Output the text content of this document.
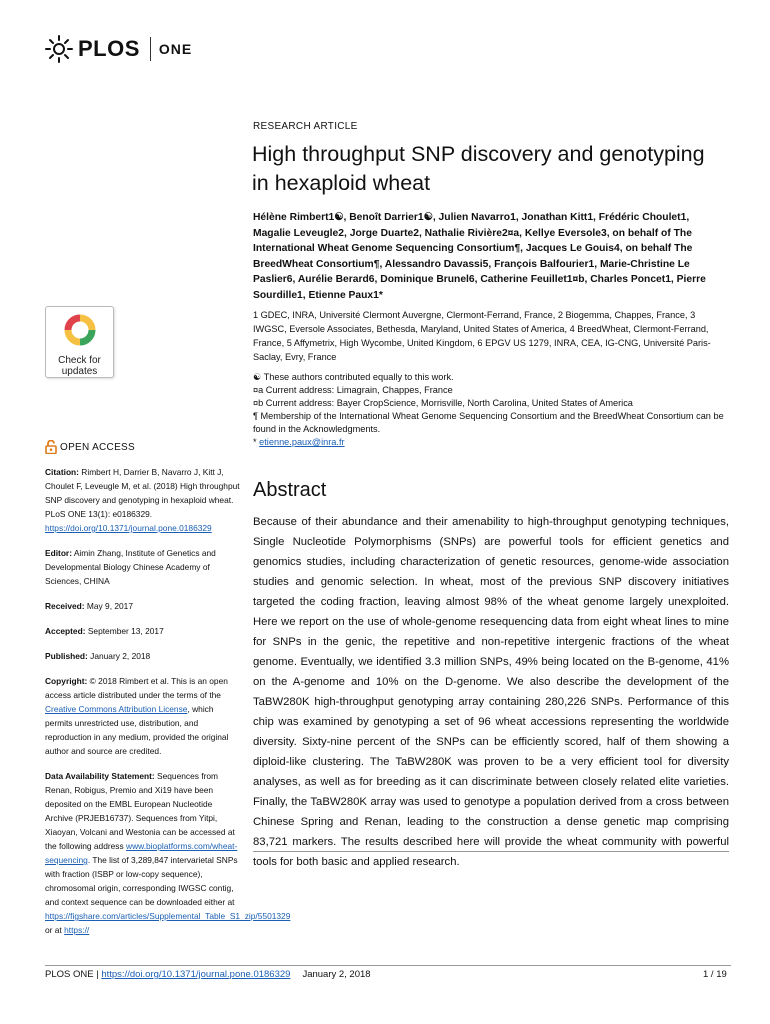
PLOS ONE
RESEARCH ARTICLE
High throughput SNP discovery and genotyping in hexaploid wheat
Hélène Rimbert1☯, Benoît Darrier1☯, Julien Navarro1, Jonathan Kitt1, Frédéric Choulet1, Magalie Leveugle2, Jorge Duarte2, Nathalie Rivière2¤a, Kellye Eversole3, on behalf of The International Wheat Genome Sequencing Consortium¶, Jacques Le Gouis4, on behalf The BreedWheat Consortium¶, Alessandro Davassi5, François Balfourier1, Marie-Christine Le Paslier6, Aurélie Berard6, Dominique Brunel6, Catherine Feuillet1¤b, Charles Poncet1, Pierre Sourdille1, Etienne Paux1*
1 GDEC, INRA, Université Clermont Auvergne, Clermont-Ferrand, France, 2 Biogemma, Chappes, France, 3 IWGSC, Eversole Associates, Bethesda, Maryland, United States of America, 4 BreedWheat, Clermont-Ferrand, France, 5 Affymetrix, High Wycombe, United Kingdom, 6 EPGV US 1279, INRA, CEA, IG-CNG, Université Paris-Saclay, Evry, France
☯ These authors contributed equally to this work.
¤a Current address: Limagrain, Chappes, France
¤b Current address: Bayer CropScience, Morrisville, North Carolina, United States of America
¶ Membership of the International Wheat Genome Sequencing Consortium and the BreedWheat Consortium can be found in the Acknowledgments.
* etienne.paux@inra.fr
Check for
updates
OPEN ACCESS

Citation: Rimbert H, Darrier B, Navarro J, Kitt J, Choulet F, Leveugle M, et al. (2018) High throughput SNP discovery and genotyping in hexaploid wheat. PLoS ONE 13(1): e0186329. https://doi.org/10.1371/journal.pone.0186329

Editor: Aimin Zhang, Institute of Genetics and Developmental Biology Chinese Academy of Sciences, CHINA

Received: May 9, 2017

Accepted: September 13, 2017

Published: January 2, 2018

Copyright: © 2018 Rimbert et al. This is an open access article distributed under the terms of the Creative Commons Attribution License, which permits unrestricted use, distribution, and reproduction in any medium, provided the original author and source are credited.

Data Availability Statement: Sequences from Renan, Robigus, Premio and Xi19 have been deposited on the EMBL European Nucleotide Archive (PRJEB16737). Sequences from Yitpi, Xiaoyan, Volcani and Westonia can be accessed at the following address www.bioplatforms.com/wheat-sequencing. The list of 3,289,847 intervarietal SNPs with fraction (ISBP or low-copy sequence), chromosomal origin, corresponding IWGSC contig, and context sequence can be downloaded either at https://figshare.com/articles/Supplemental_Table_S1_zip/5501329 or at https://

Abstract

Because of their abundance and their amenability to high-throughput genotyping techniques, Single Nucleotide Polymorphisms (SNPs) are powerful tools for efficient genetics and genomics studies, including characterization of genetic resources, genome-wide association studies and genomic selection. In wheat, most of the previous SNP discovery initiatives targeted the coding fraction, leaving almost 98% of the wheat genome largely unexploited. Here we report on the use of whole-genome resequencing data from eight wheat lines to mine for SNPs in the genic, the repetitive and non-repetitive intergenic fractions of the wheat genome. Eventually, we identified 3.3 million SNPs, 49% being located on the B-genome, 41% on the A-genome and 10% on the D-genome. We also describe the development of the TaBW280K high-throughput genotyping array containing 280,226 SNPs. Performance of this chip was examined by genotyping a set of 96 wheat accessions representing the worldwide diversity. Sixty-nine percent of the SNPs can be efficiently scored, half of them showing a diploid-like clustering. The TaBW280K was proven to be a very efficient tool for diversity analyses, as well as for breeding as it can discriminate between closely related elite varieties. Finally, the TaBW280K array was used to genotype a population derived from a cross between Chinese Spring and Renan, leading to the construction a dense genetic map comprising 83,721 markers. The results described here will provide the wheat community with powerful tools for both basic and applied research.

PLOS ONE | https://doi.org/10.1371/journal.pone.0186329 January 2, 2018	1 / 19
